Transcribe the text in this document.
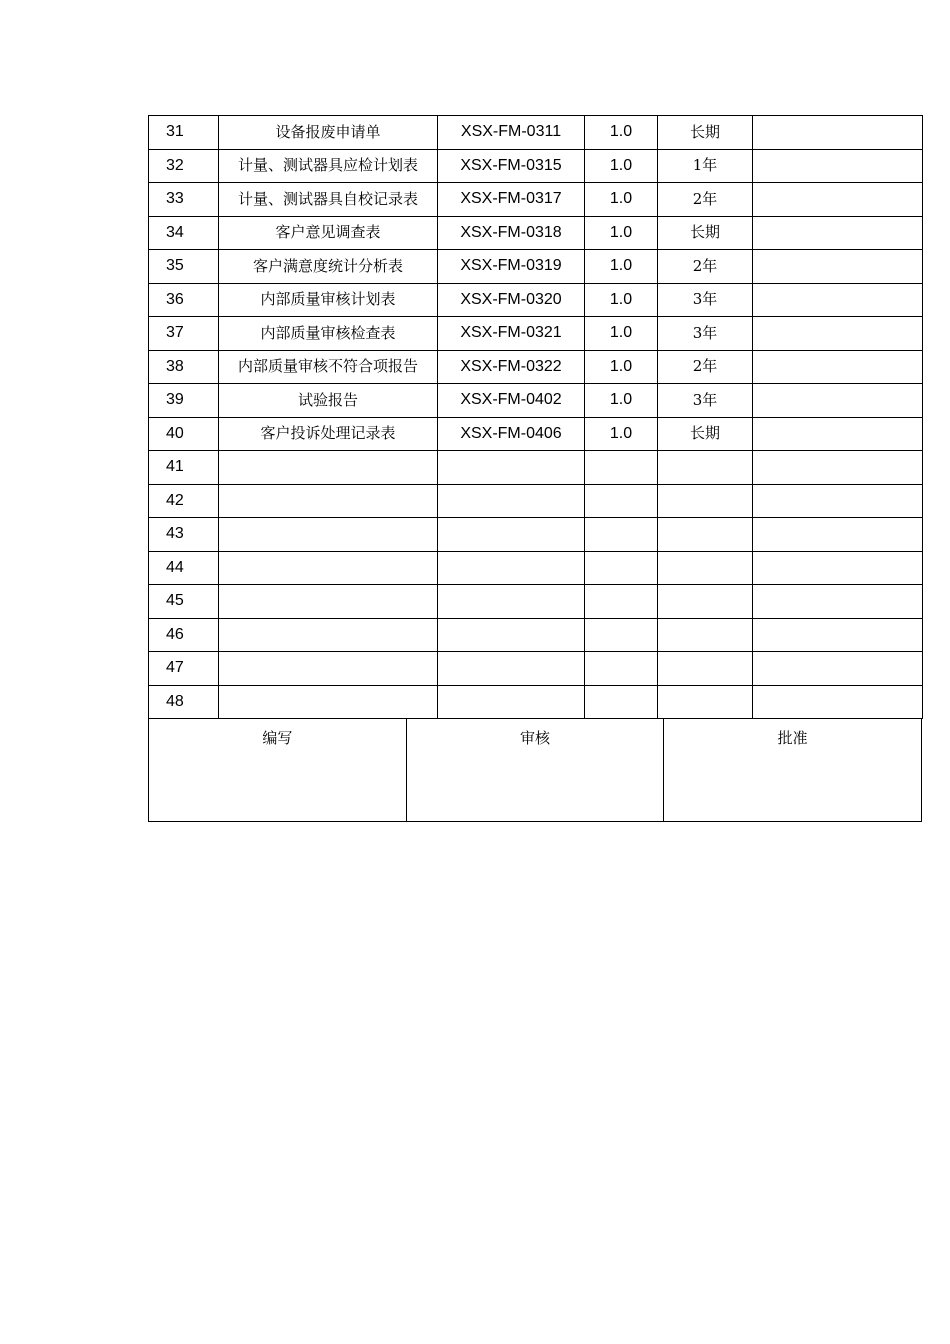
31	设备报废申请单	XSX-FM-0311	1.0	长期	
32	计量、测试器具应检计划表	XSX-FM-0315	1.0	1年	
33	计量、测试器具自校记录表	XSX-FM-0317	1.0	2年	
34	客户意见调查表	XSX-FM-0318	1.0	长期	
35	客户满意度统计分析表	XSX-FM-0319	1.0	2年	
36	内部质量审核计划表	XSX-FM-0320	1.0	3年	
37	内部质量审核检查表	XSX-FM-0321	1.0	3年	
38	内部质量审核不符合项报告	XSX-FM-0322	1.0	2年	
39	试验报告	XSX-FM-0402	1.0	3年	
40	客户投诉处理记录表	XSX-FM-0406	1.0	长期	
41					
42					
43					
44					
45					
46					
47					
48					
编写	审核	批准
